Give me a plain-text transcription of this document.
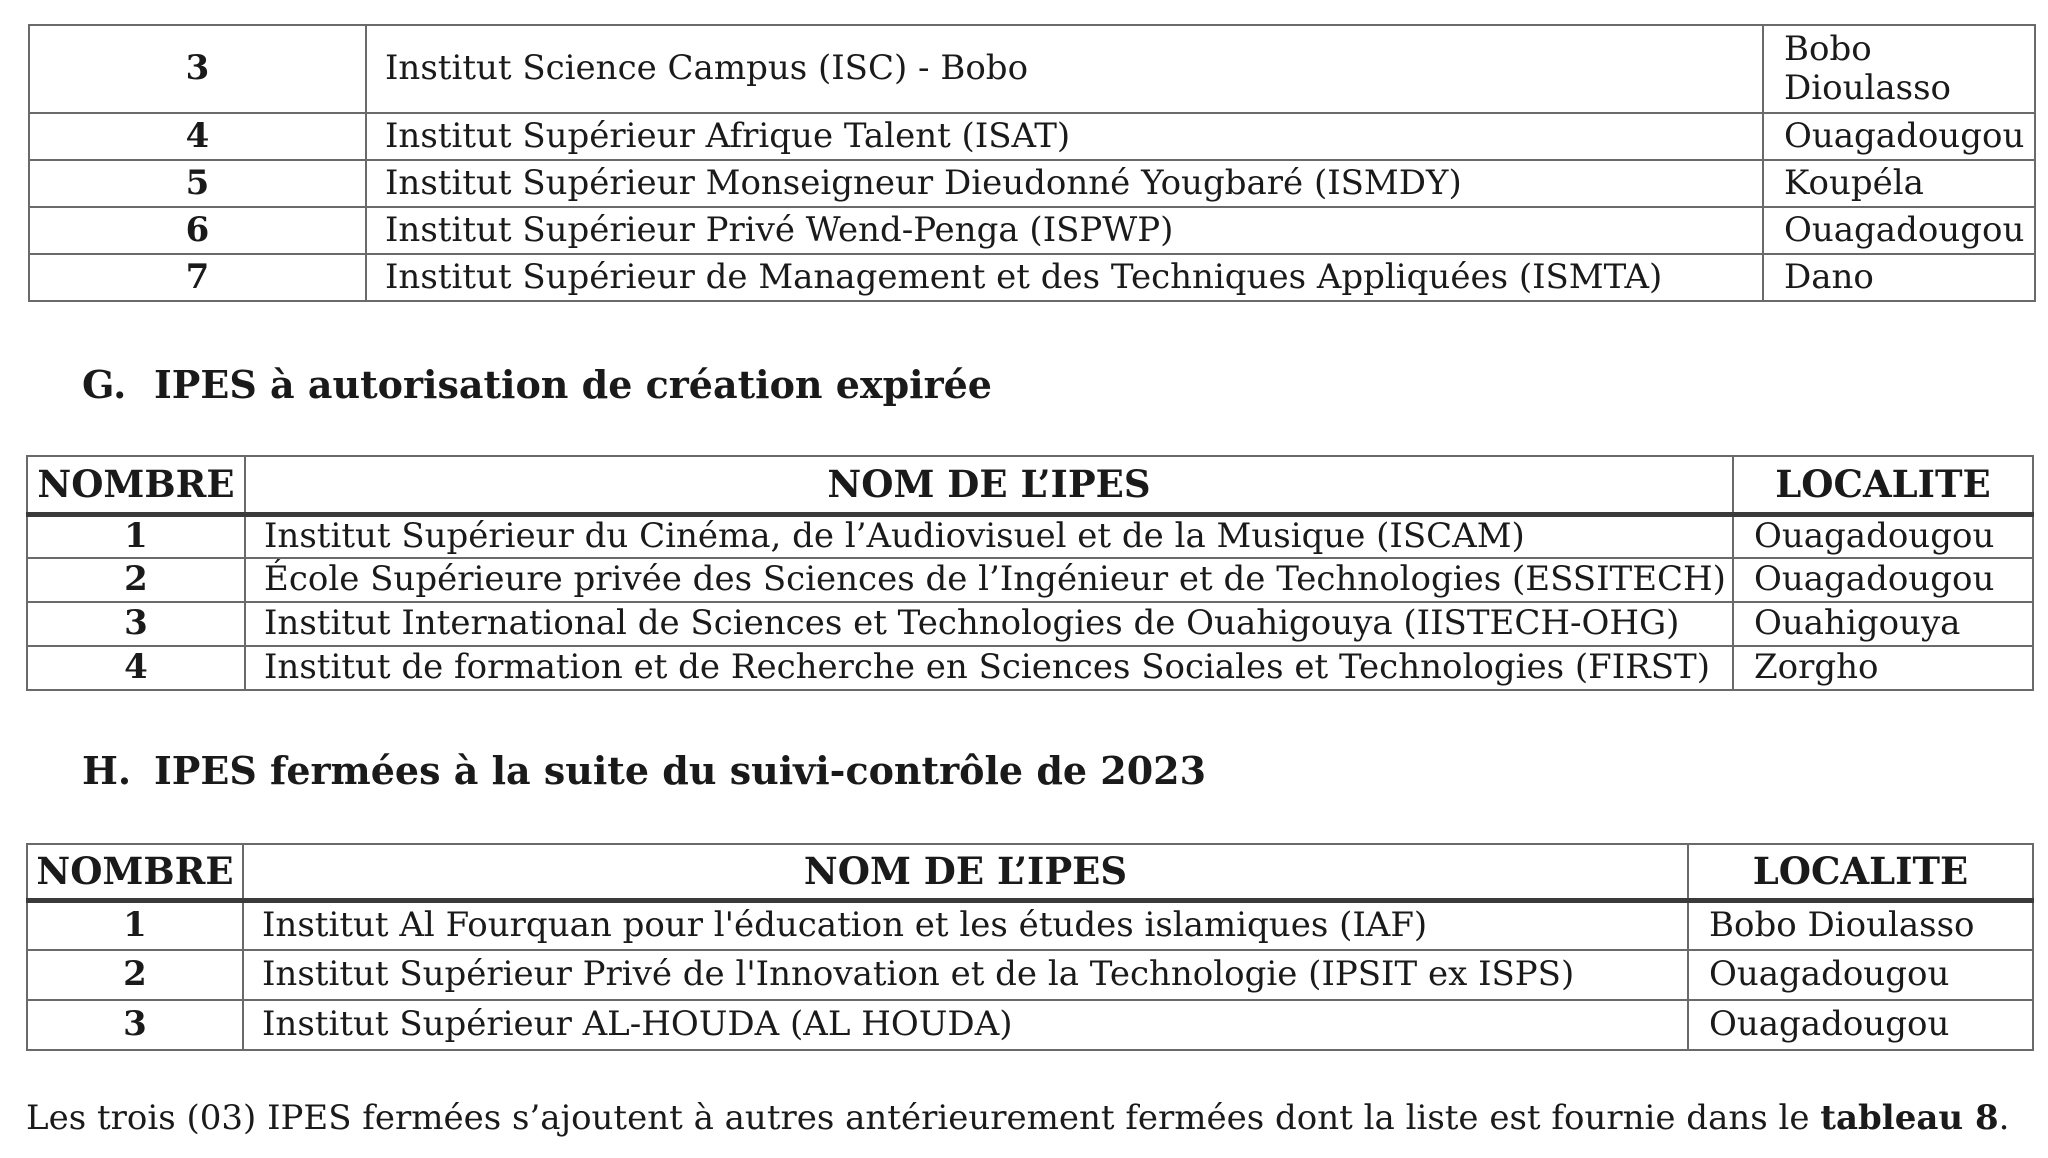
3	Institut Science Campus (ISC) - Bobo	Bobo Dioulasso
4	Institut Supérieur Afrique Talent (ISAT)	Ouagadougou
5	Institut Supérieur Monseigneur Dieudonné Yougbaré (ISMDY)	Koupéla
6	Institut Supérieur Privé Wend-Penga (ISPWP)	Ouagadougou
7	Institut Supérieur de Management et des Techniques Appliquées (ISMTA)	Dano
G. IPES à autorisation de création expirée
NOMBRE	NOM DE L’IPES	LOCALITE
1	Institut Supérieur du Cinéma, de l’Audiovisuel et de la Musique (ISCAM)	Ouagadougou
2	École Supérieure privée des Sciences de l’Ingénieur et de Technologies (ESSITECH)	Ouagadougou
3	Institut International de Sciences et Technologies de Ouahigouya (IISTECH-OHG)	Ouahigouya
4	Institut de formation et de Recherche en Sciences Sociales et Technologies (FIRST)	Zorgho
H. IPES fermées à la suite du suivi-contrôle de 2023
NOMBRE	NOM DE L’IPES	LOCALITE
1	Institut Al Fourquan pour l'éducation et les études islamiques (IAF)	Bobo Dioulasso
2	Institut Supérieur Privé de l'Innovation et de la Technologie (IPSIT ex ISPS)	Ouagadougou
3	Institut Supérieur AL-HOUDA (AL HOUDA)	Ouagadougou

Les trois (03) IPES fermées s’ajoutent à autres antérieurement fermées dont la liste est fournie dans le tableau 8.
